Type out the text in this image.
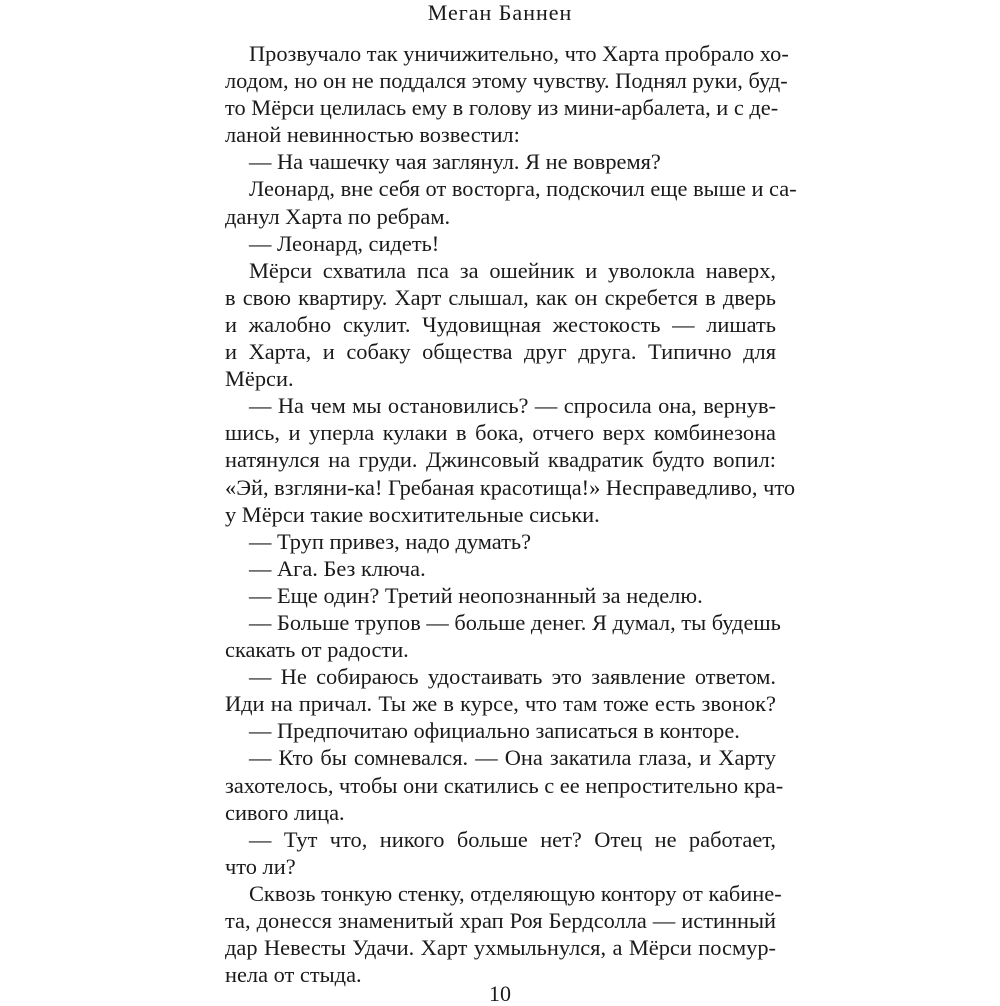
Меган Баннен
Прозвучало так уничижительно, что Харта пробрало хо-
лодом, но он не поддался этому чувству. Поднял руки, буд-
то Мёрси целилась ему в голову из мини-арбалета, и с де-
ланой невинностью возвестил:
— На чашечку чая заглянул. Я не вовремя?
Леонард, вне себя от восторга, подскочил еще выше и са-
данул Харта по ребрам.
— Леонард, сидеть!
Мёрси схватила пса за ошейник и уволокла наверх,
в свою квартиру. Харт слышал, как он скребется в дверь
и жалобно скулит. Чудовищная жестокость — лишать
и Харта, и собаку общества друг друга. Типично для
Мёрси.
— На чем мы остановились? — спросила она, вернув-
шись, и уперла кулаки в бока, отчего верх комбинезона
натянулся на груди. Джинсовый квадратик будто вопил:
«Эй, взгляни-ка! Гребаная красотища!» Несправедливо, что
у Мёрси такие восхитительные сиськи.
— Труп привез, надо думать?
— Ага. Без ключа.
— Еще один? Третий неопознанный за неделю.
— Больше трупов — больше денег. Я думал, ты будешь
скакать от радости.
— Не собираюсь удостаивать это заявление ответом.
Иди на причал. Ты же в курсе, что там тоже есть звонок?
— Предпочитаю официально записаться в конторе.
— Кто бы сомневался. — Она закатила глаза, и Харту
захотелось, чтобы они скатились с ее непростительно кра-
сивого лица.
— Тут что, никого больше нет? Отец не работает,
что ли?
Сквозь тонкую стенку, отделяющую контору от кабине-
та, донесся знаменитый храп Роя Бердсолла — истинный
дар Невесты Удачи. Харт ухмыльнулся, а Мёрси посмур-
нела от стыда.
10
